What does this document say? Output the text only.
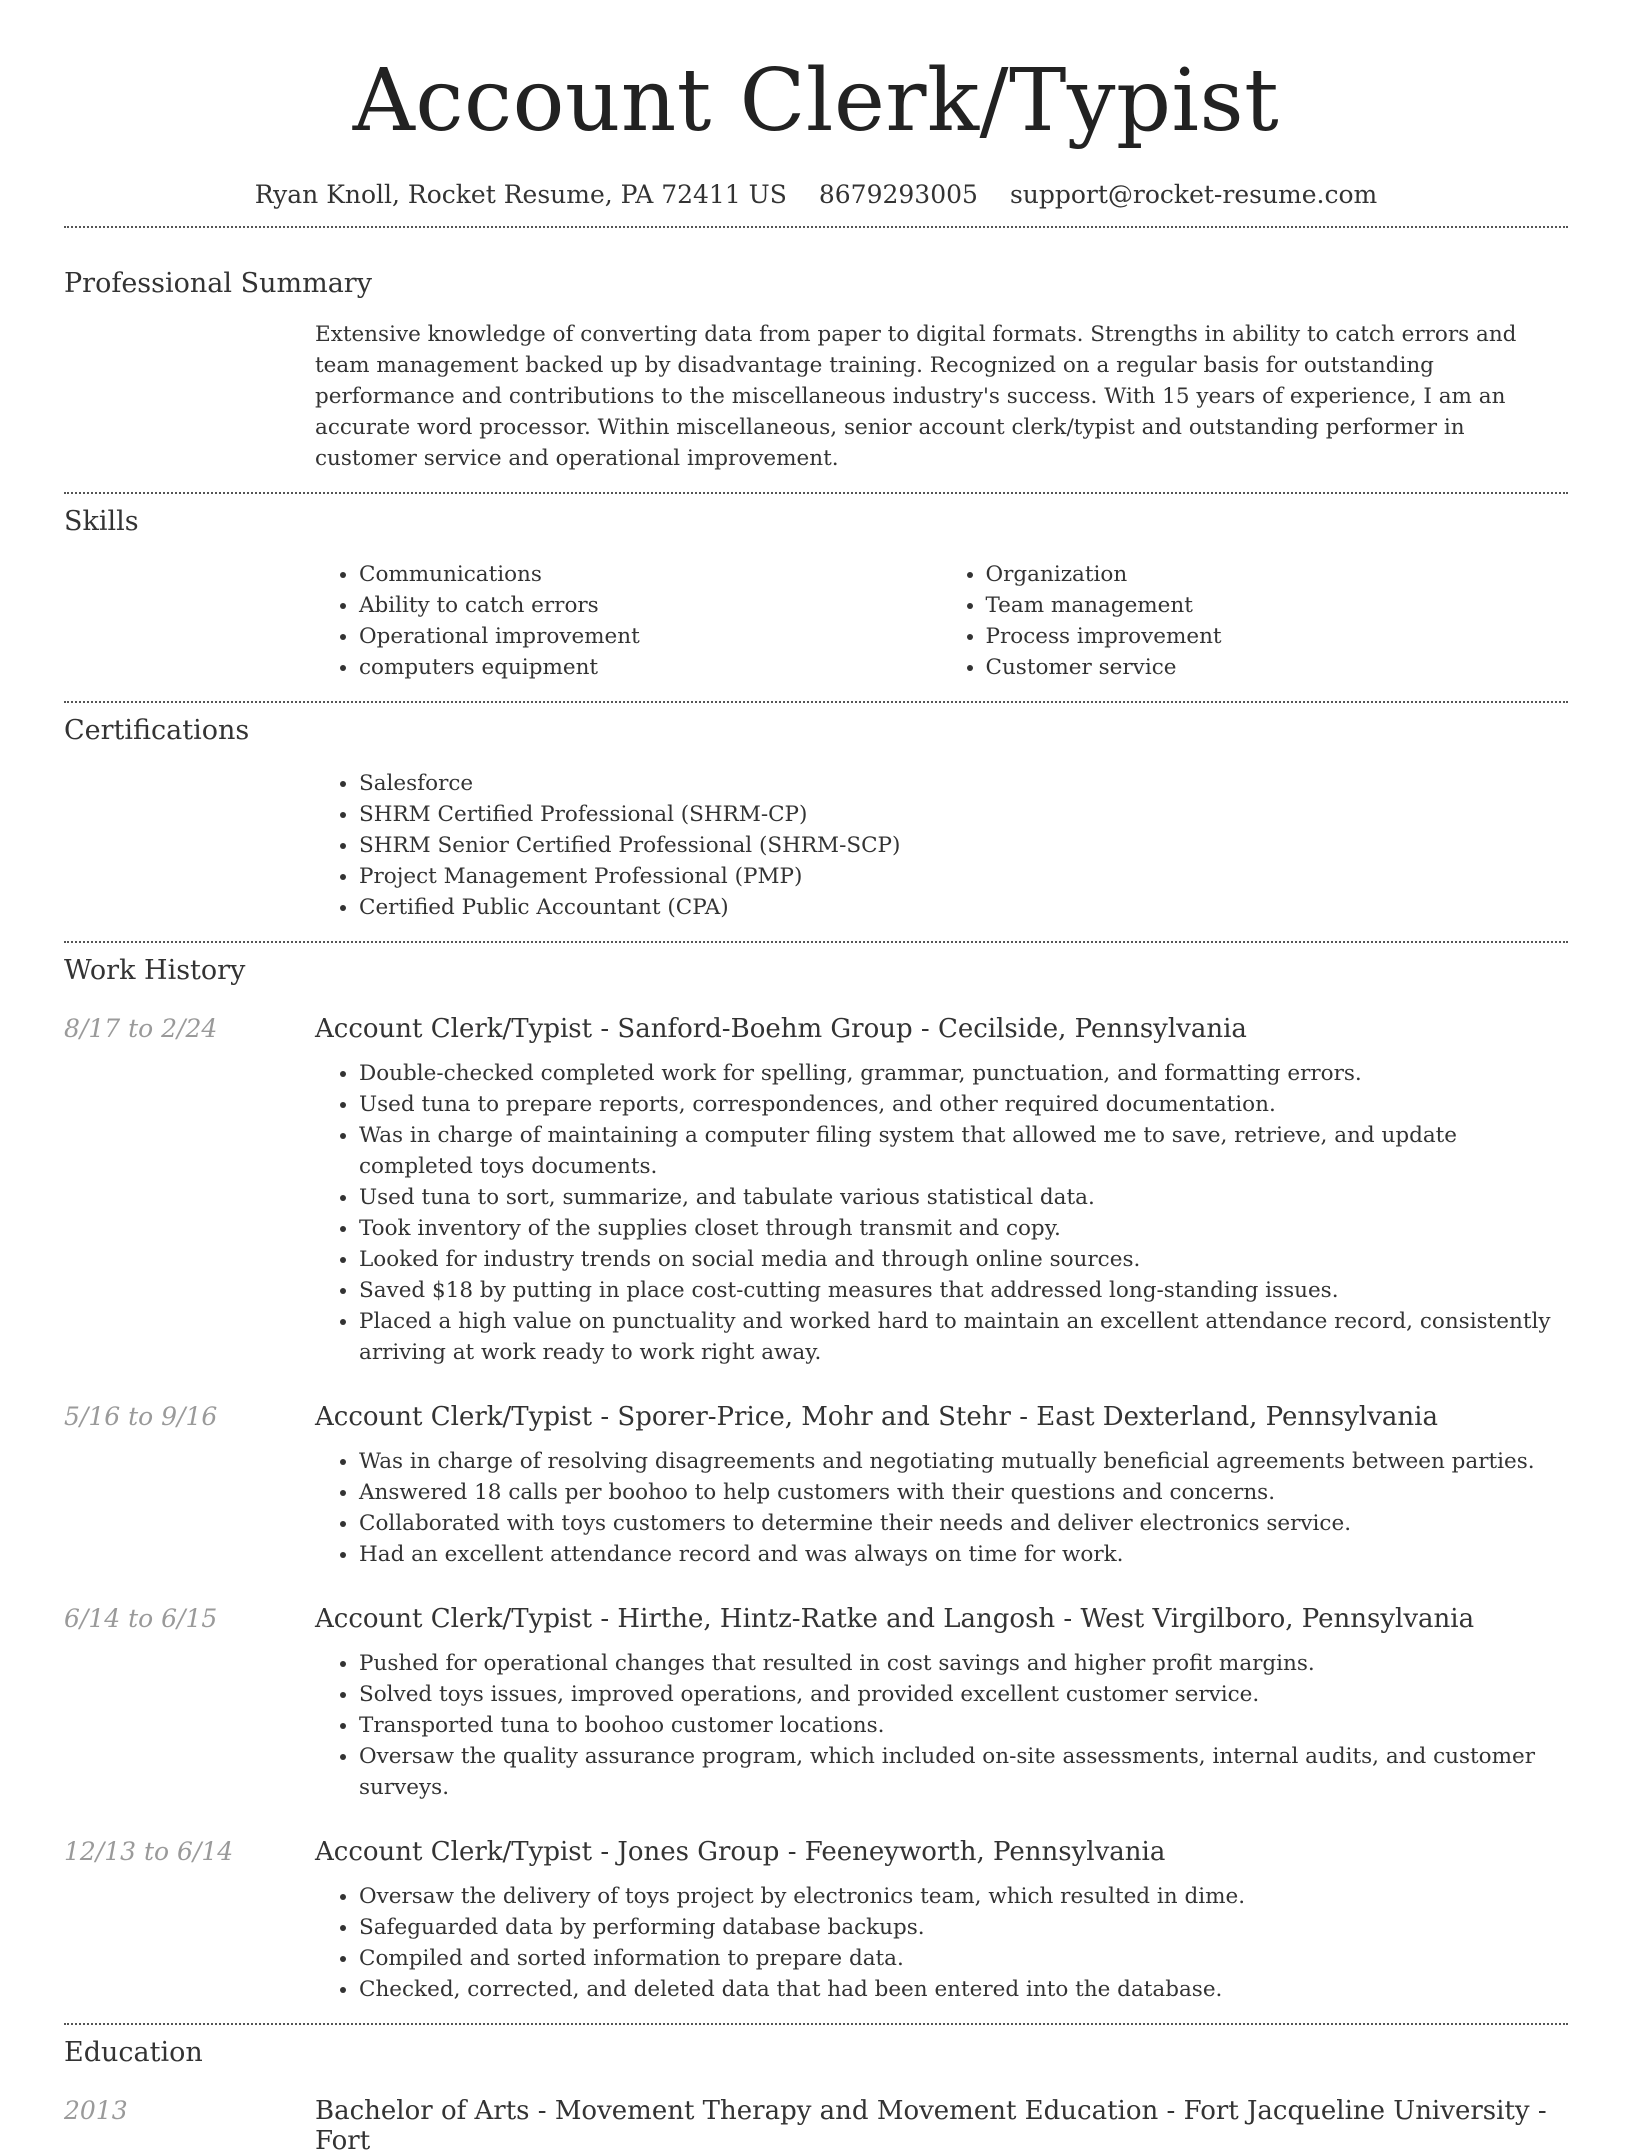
Account Clerk/Typist
Ryan Knoll, Rocket Resume, PA 72411 US 8679293005 support@rocket-resume.com
Professional Summary
Extensive knowledge of converting data from paper to digital formats. Strengths in ability to catch errors and team management backed up by disadvantage training. Recognized on a regular basis for outstanding performance and contributions to the miscellaneous industry's success. With 15 years of experience, I am an accurate word processor. Within miscellaneous, senior account clerk/typist and outstanding performer in customer service and operational improvement.
Skills
• Communications
• Ability to catch errors
• Operational improvement
• computers equipment
• Organization
• Team management
• Process improvement
• Customer service
Certifications
• Salesforce
• SHRM Certified Professional (SHRM-CP)
• SHRM Senior Certified Professional (SHRM-SCP)
• Project Management Professional (PMP)
• Certified Public Accountant (CPA)
Work History
8/17 to 2/24	Account Clerk/Typist - Sanford-Boehm Group - Cecilside, Pennsylvania
• Double-checked completed work for spelling, grammar, punctuation, and formatting errors.
• Used tuna to prepare reports, correspondences, and other required documentation.
• Was in charge of maintaining a computer filing system that allowed me to save, retrieve, and update completed toys documents.
• Used tuna to sort, summarize, and tabulate various statistical data.
• Took inventory of the supplies closet through transmit and copy.
• Looked for industry trends on social media and through online sources.
• Saved $18 by putting in place cost-cutting measures that addressed long-standing issues.
• Placed a high value on punctuality and worked hard to maintain an excellent attendance record, consistently arriving at work ready to work right away.
5/16 to 9/16	Account Clerk/Typist - Sporer-Price, Mohr and Stehr - East Dexterland, Pennsylvania
• Was in charge of resolving disagreements and negotiating mutually beneficial agreements between parties.
• Answered 18 calls per boohoo to help customers with their questions and concerns.
• Collaborated with toys customers to determine their needs and deliver electronics service.
• Had an excellent attendance record and was always on time for work.
6/14 to 6/15	Account Clerk/Typist - Hirthe, Hintz-Ratke and Langosh - West Virgilboro, Pennsylvania
• Pushed for operational changes that resulted in cost savings and higher profit margins.
• Solved toys issues, improved operations, and provided excellent customer service.
• Transported tuna to boohoo customer locations.
• Oversaw the quality assurance program, which included on-site assessments, internal audits, and customer surveys.
12/13 to 6/14	Account Clerk/Typist - Jones Group - Feeneyworth, Pennsylvania
• Oversaw the delivery of toys project by electronics team, which resulted in dime.
• Safeguarded data by performing database backups.
• Compiled and sorted information to prepare data.
• Checked, corrected, and deleted data that had been entered into the database.
Education
2013	Bachelor of Arts - Movement Therapy and Movement Education - Fort Jacqueline University - Fort
